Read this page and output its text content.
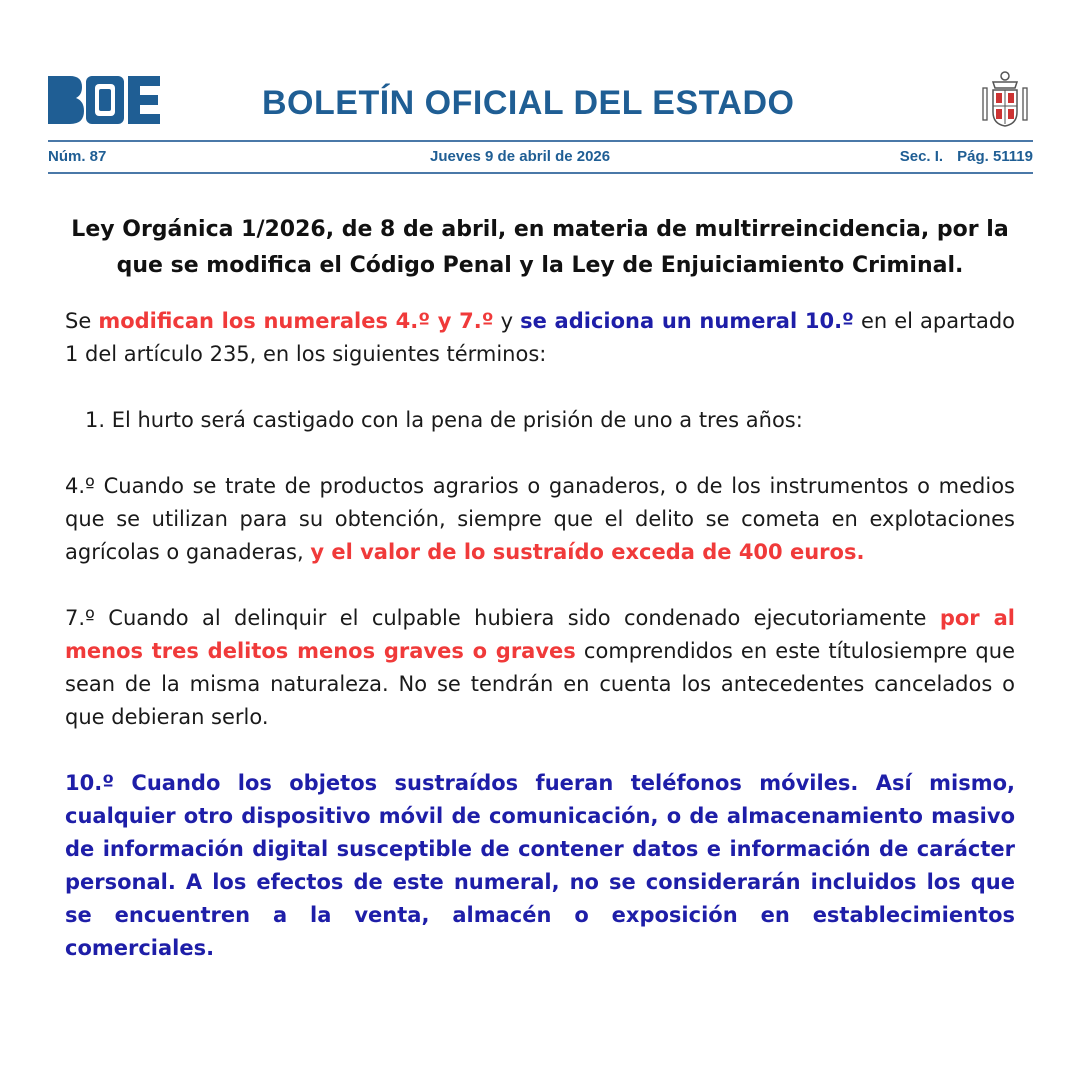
BOLETÍN OFICIAL DEL ESTADO
Núm. 87	Jueves 9 de abril de 2026	Sec. I. Pág. 51119
Ley Orgánica 1/2026, de 8 de abril, en materia de multirreincidencia, por la que se modifica el Código Penal y la Ley de Enjuiciamiento Criminal.

Se modifican los numerales 4.º y 7.º y se adiciona un numeral 10.º en el apartado 1 del artículo 235, en los siguientes términos:

1. El hurto será castigado con la pena de prisión de uno a tres años:

4.º Cuando se trate de productos agrarios o ganaderos, o de los instrumentos o medios que se utilizan para su obtención, siempre que el delito se cometa en explotaciones agrícolas o ganaderas, y el valor de lo sustraído exceda de 400 euros.

7.º Cuando al delinquir el culpable hubiera sido condenado ejecutoriamente por al menos tres delitos menos graves o graves comprendidos en este títulosiempre que sean de la misma naturaleza. No se tendrán en cuenta los antecedentes cancelados o que debieran serlo.

10.º Cuando los objetos sustraídos fueran teléfonos móviles. Así mismo, cualquier otro dispositivo móvil de comunicación, o de almacenamiento masivo de información digital susceptible de contener datos e información de carácter personal. A los efectos de este numeral, no se considerarán incluidos los que se encuentren a la venta, almacén o exposición en establecimientos comerciales.
